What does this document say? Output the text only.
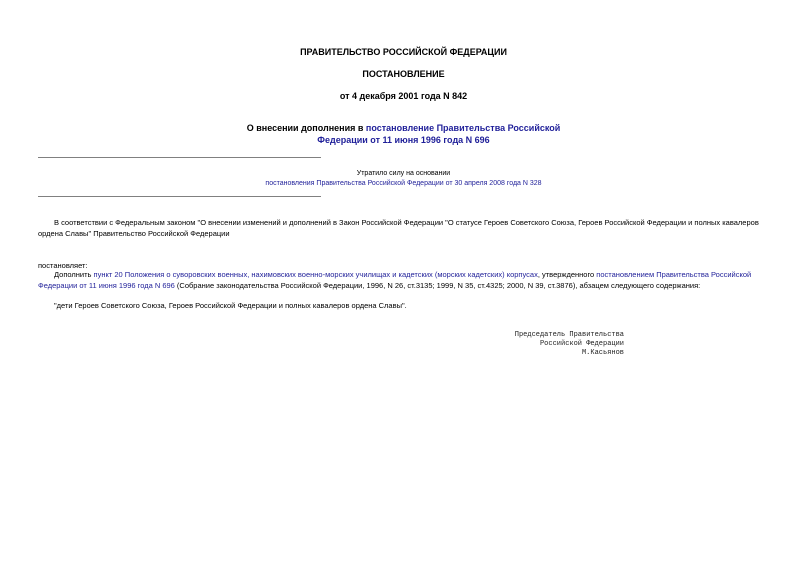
ПРАВИТЕЛЬСТВО РОССИЙСКОЙ ФЕДЕРАЦИИ
ПОСТАНОВЛЕНИЕ
от 4 декабря 2001 года N 842
О внесении дополнения в постановление Правительства Российской
Федерации от 11 июня 1996 года N 696
Утратило силу на основании
постановления Правительства Российской Федерации от 30 апреля 2008 года N 328
В соответствии с Федеральным законом "О внесении изменений и дополнений в Закон Российской Федерации "О статусе Героев Советского Союза, Героев Российской Федерации и полных кавалеров ордена Славы" Правительство Российской Федерации
постановляет:
Дополнить пункт 20 Положения о суворовских военных, нахимовских военно-морских училищах и кадетских (морских кадетских) корпусах, утвержденного постановлением Правительства Российской Федерации от 11 июня 1996 года N 696 (Собрание законодательства Российской Федерации, 1996, N 26, ст.3135; 1999, N 35, ст.4325; 2000, N 39, ст.3876), абзацем следующего содержания:
"дети Героев Советского Союза, Героев Российской Федерации и полных кавалеров ордена Славы".
Председатель Правительства
Российской Федерации
М.Касьянов
